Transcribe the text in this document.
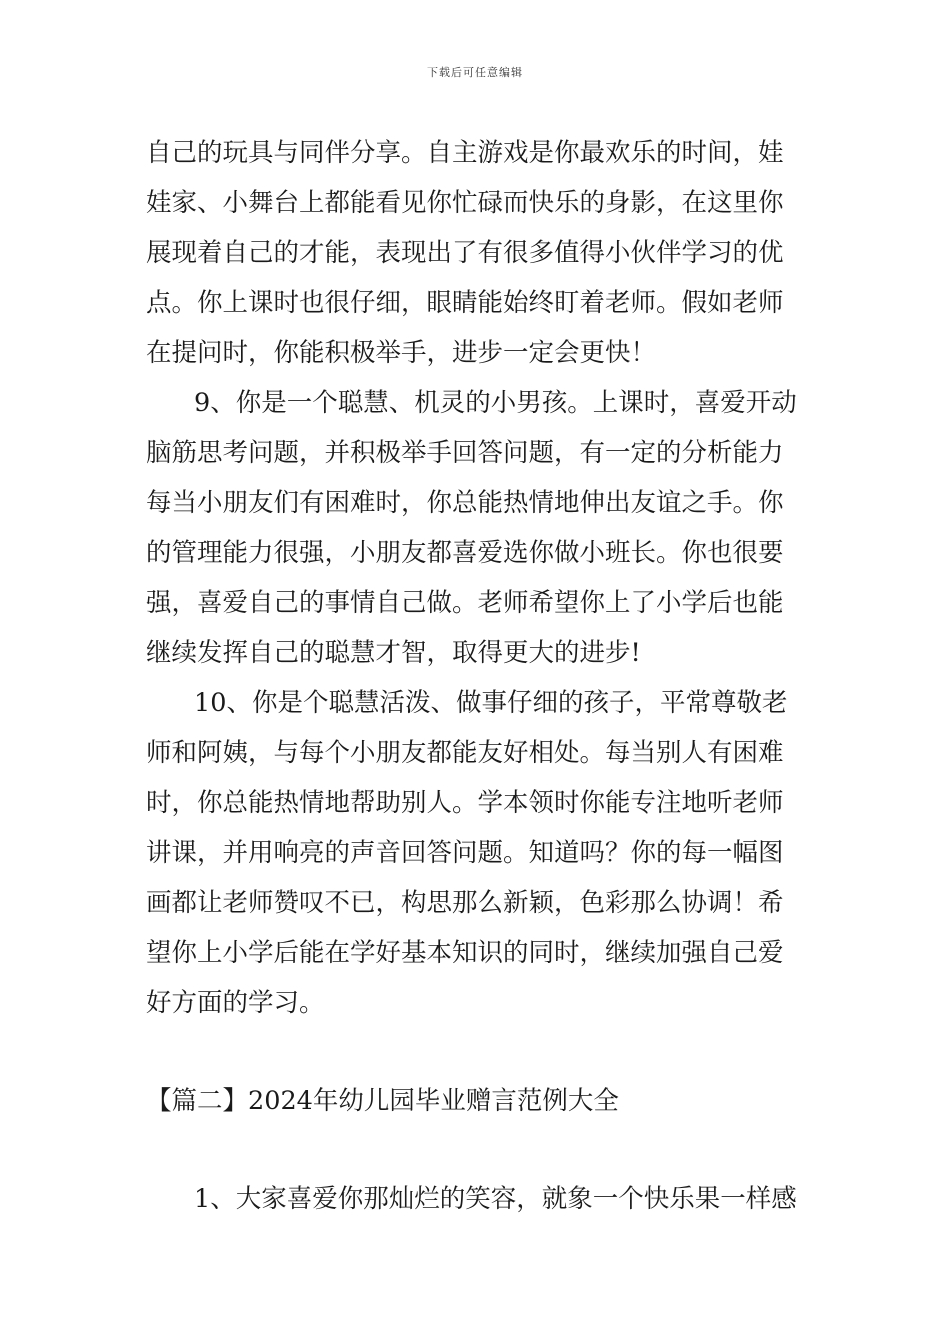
下载后可任意编辑
自己的玩具与同伴分享。自主游戏是你最欢乐的时间，娃
娃家、小舞台上都能看见你忙碌而快乐的身影，在这里你
展现着自己的才能，表现出了有很多值得小伙伴学习的优
点。你上课时也很仔细，眼睛能始终盯着老师。假如老师
在提问时，你能积极举手，进步一定会更快！
9、你是一个聪慧、机灵的小男孩。上课时，喜爱开动
脑筋思考问题，并积极举手回答问题，有一定的分析能力
每当小朋友们有困难时，你总能热情地伸出友谊之手。你
的管理能力很强，小朋友都喜爱选你做小班长。你也很要
强，喜爱自己的事情自己做。老师希望你上了小学后也能
继续发挥自己的聪慧才智，取得更大的进步!
10、你是个聪慧活泼、做事仔细的孩子，平常尊敬老
师和阿姨，与每个小朋友都能友好相处。每当别人有困难
时，你总能热情地帮助别人。学本领时你能专注地听老师
讲课，并用响亮的声音回答问题。知道吗？你的每一幅图
画都让老师赞叹不已，构思那么新颖，色彩那么协调！希
望你上小学后能在学好基本知识的同时，继续加强自己爱
好方面的学习。
【篇二】2024年幼儿园毕业赠言范例大全
1、大家喜爱你那灿烂的笑容，就象一个快乐果一样感
